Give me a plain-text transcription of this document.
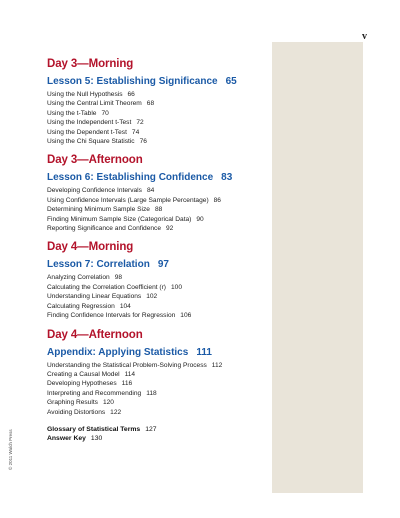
v
© 2011 Walch Press
Day 3—Morning
Lesson 5: Establishing Significance 65
Using the Null Hypothesis 66
Using the Central Limit Theorem 68
Using the t-Table 70
Using the Independent t-Test 72
Using the Dependent t-Test 74
Using the Chi Square Statistic 76
Day 3—Afternoon
Lesson 6: Establishing Confidence 83
Developing Confidence Intervals 84
Using Confidence Intervals (Large Sample Percentage) 86
Determining Minimum Sample Size 88
Finding Minimum Sample Size (Categorical Data) 90
Reporting Significance and Confidence 92
Day 4—Morning
Lesson 7: Correlation 97
Analyzing Correlation 98
Calculating the Correlation Coefficient (r) 100
Understanding Linear Equations 102
Calculating Regression 104
Finding Confidence Intervals for Regression 106
Day 4—Afternoon
Appendix: Applying Statistics 111
Understanding the Statistical Problem-Solving Process 112
Creating a Causal Model 114
Developing Hypotheses 116
Interpreting and Recommending 118
Graphing Results 120
Avoiding Distortions 122
Glossary of Statistical Terms 127
Answer Key 130
